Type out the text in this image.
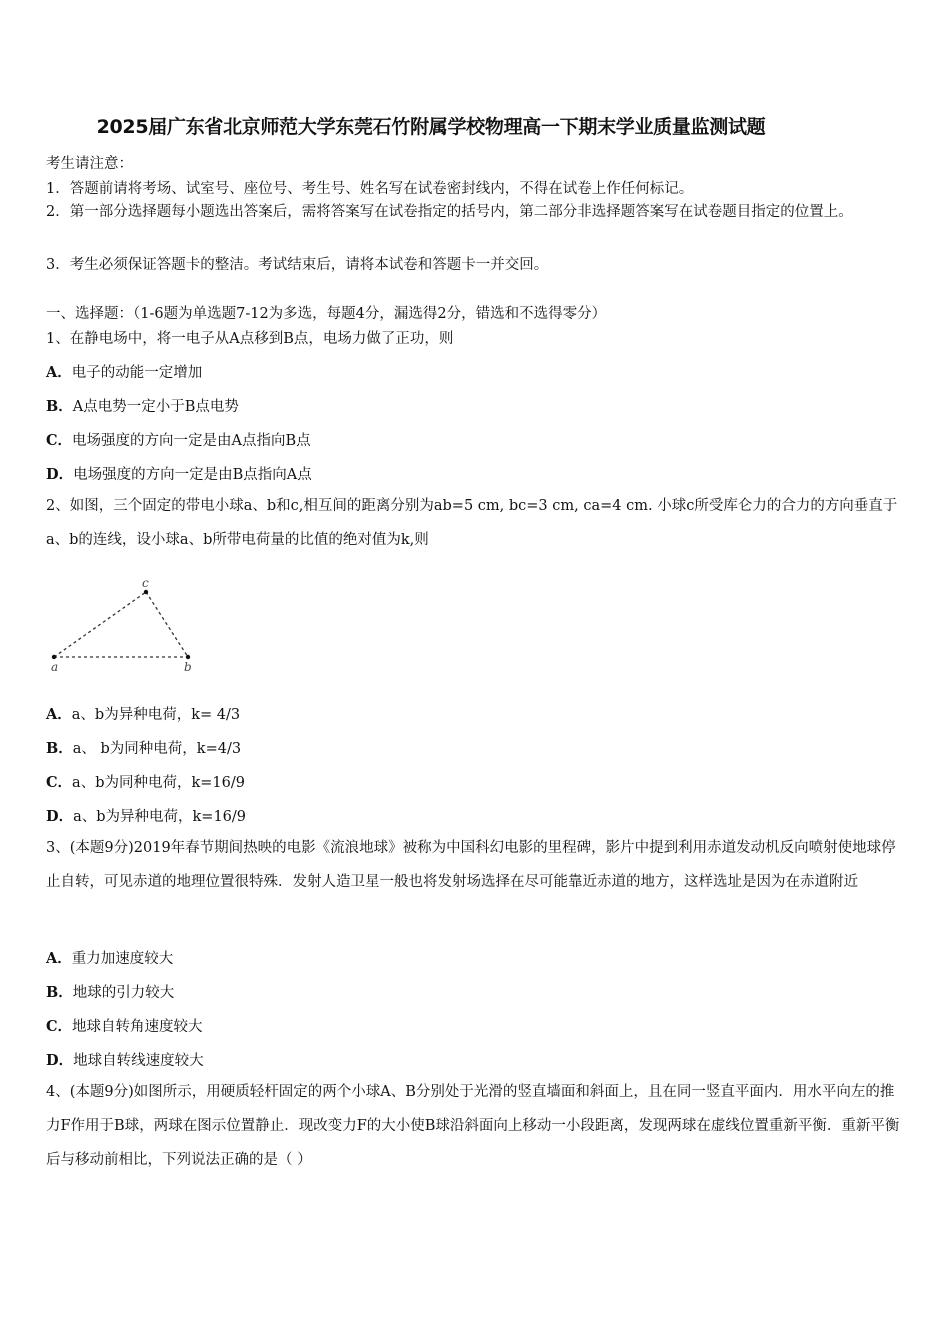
2025届广东省北京师范大学东莞石竹附属学校物理高一下期末学业质量监测试题
考生请注意：
1．答题前请将考场、试室号、座位号、考生号、姓名写在试卷密封线内，不得在试卷上作任何标记。
2．第一部分选择题每小题选出答案后，需将答案写在试卷指定的括号内，第二部分非选择题答案写在试卷题目指定的位置上。
3．考生必须保证答题卡的整洁。考试结束后，请将本试卷和答题卡一并交回。
一、选择题：（1-6题为单选题7-12为多选，每题4分，漏选得2分，错选和不选得零分）
1、在静电场中，将一电子从A点移到B点，电场力做了正功，则
A．电子的动能一定增加
B．A点电势一定小于B点电势
C．电场强度的方向一定是由A点指向B点
D．电场强度的方向一定是由B点指向A点
2、如图，三个固定的带电小球a、b和c,相互间的距离分别为ab=5 cm, bc=3 cm, ca=4 cm. 小球c所受库仑力的合力的方向垂直于a、b的连线，设小球a、b所带电荷量的比值的绝对值为k,则
A．a、b为异种电荷，k= 4/3
B．a、 b为同种电荷，k=4/3
C．a、b为同种电荷，k=16/9
D．a、b为异种电荷，k=16/9
3、(本题9分)2019年春节期间热映的电影《流浪地球》被称为中国科幻电影的里程碑，影片中提到利用赤道发动机反向喷射使地球停止自转，可见赤道的地理位置很特殊．发射人造卫星一般也将发射场选择在尽可能靠近赤道的地方，这样选址是因为在赤道附近
A．重力加速度较大
B．地球的引力较大
C．地球自转角速度较大
D．地球自转线速度较大
4、(本题9分)如图所示，用硬质轻杆固定的两个小球A、B分别处于光滑的竖直墙面和斜面上，且在同一竖直平面内．用水平向左的推力F作用于B球，两球在图示位置静止．现改变力F的大小使B球沿斜面向上移动一小段距离，发现两球在虚线位置重新平衡．重新平衡后与移动前相比，下列说法正确的是（ ）
a	b
c
